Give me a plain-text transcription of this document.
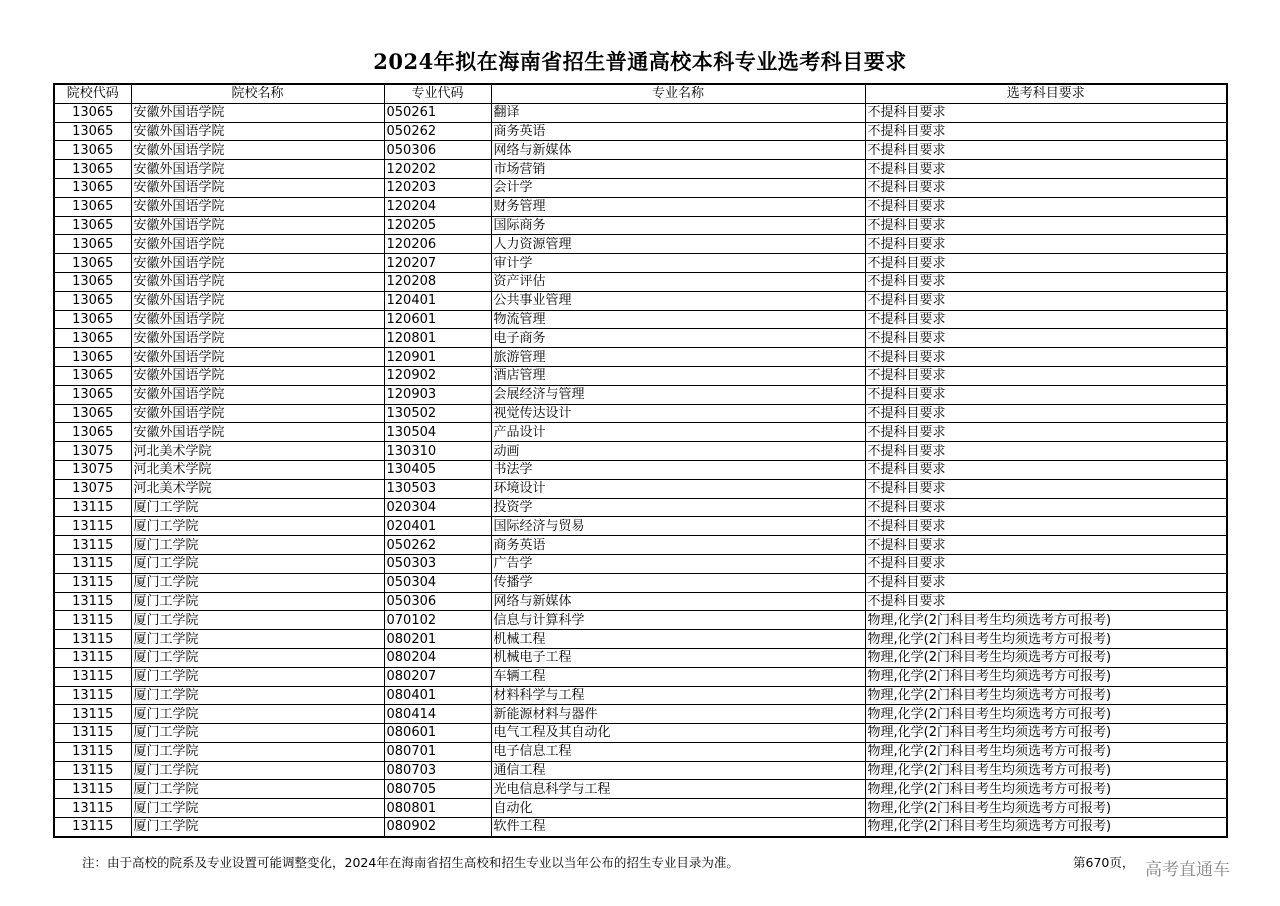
2024年拟在海南省招生普通高校本科专业选考科目要求
院校代码	院校名称	专业代码	专业名称	选考科目要求
13065	安徽外国语学院	050261	翻译	不提科目要求
13065	安徽外国语学院	050262	商务英语	不提科目要求
13065	安徽外国语学院	050306	网络与新媒体	不提科目要求
13065	安徽外国语学院	120202	市场营销	不提科目要求
13065	安徽外国语学院	120203	会计学	不提科目要求
13065	安徽外国语学院	120204	财务管理	不提科目要求
13065	安徽外国语学院	120205	国际商务	不提科目要求
13065	安徽外国语学院	120206	人力资源管理	不提科目要求
13065	安徽外国语学院	120207	审计学	不提科目要求
13065	安徽外国语学院	120208	资产评估	不提科目要求
13065	安徽外国语学院	120401	公共事业管理	不提科目要求
13065	安徽外国语学院	120601	物流管理	不提科目要求
13065	安徽外国语学院	120801	电子商务	不提科目要求
13065	安徽外国语学院	120901	旅游管理	不提科目要求
13065	安徽外国语学院	120902	酒店管理	不提科目要求
13065	安徽外国语学院	120903	会展经济与管理	不提科目要求
13065	安徽外国语学院	130502	视觉传达设计	不提科目要求
13065	安徽外国语学院	130504	产品设计	不提科目要求
13075	河北美术学院	130310	动画	不提科目要求
13075	河北美术学院	130405	书法学	不提科目要求
13075	河北美术学院	130503	环境设计	不提科目要求
13115	厦门工学院	020304	投资学	不提科目要求
13115	厦门工学院	020401	国际经济与贸易	不提科目要求
13115	厦门工学院	050262	商务英语	不提科目要求
13115	厦门工学院	050303	广告学	不提科目要求
13115	厦门工学院	050304	传播学	不提科目要求
13115	厦门工学院	050306	网络与新媒体	不提科目要求
13115	厦门工学院	070102	信息与计算科学	物理,化学(2门科目考生均须选考方可报考)
13115	厦门工学院	080201	机械工程	物理,化学(2门科目考生均须选考方可报考)
13115	厦门工学院	080204	机械电子工程	物理,化学(2门科目考生均须选考方可报考)
13115	厦门工学院	080207	车辆工程	物理,化学(2门科目考生均须选考方可报考)
13115	厦门工学院	080401	材料科学与工程	物理,化学(2门科目考生均须选考方可报考)
13115	厦门工学院	080414	新能源材料与器件	物理,化学(2门科目考生均须选考方可报考)
13115	厦门工学院	080601	电气工程及其自动化	物理,化学(2门科目考生均须选考方可报考)
13115	厦门工学院	080701	电子信息工程	物理,化学(2门科目考生均须选考方可报考)
13115	厦门工学院	080703	通信工程	物理,化学(2门科目考生均须选考方可报考)
13115	厦门工学院	080705	光电信息科学与工程	物理,化学(2门科目考生均须选考方可报考)
13115	厦门工学院	080801	自动化	物理,化学(2门科目考生均须选考方可报考)
13115	厦门工学院	080902	软件工程	物理,化学(2门科目考生均须选考方可报考)
注：由于高校的院系及专业设置可能调整变化，2024年在海南省招生高校和招生专业以当年公布的招生专业目录为准。	第670页， 高考直通车
